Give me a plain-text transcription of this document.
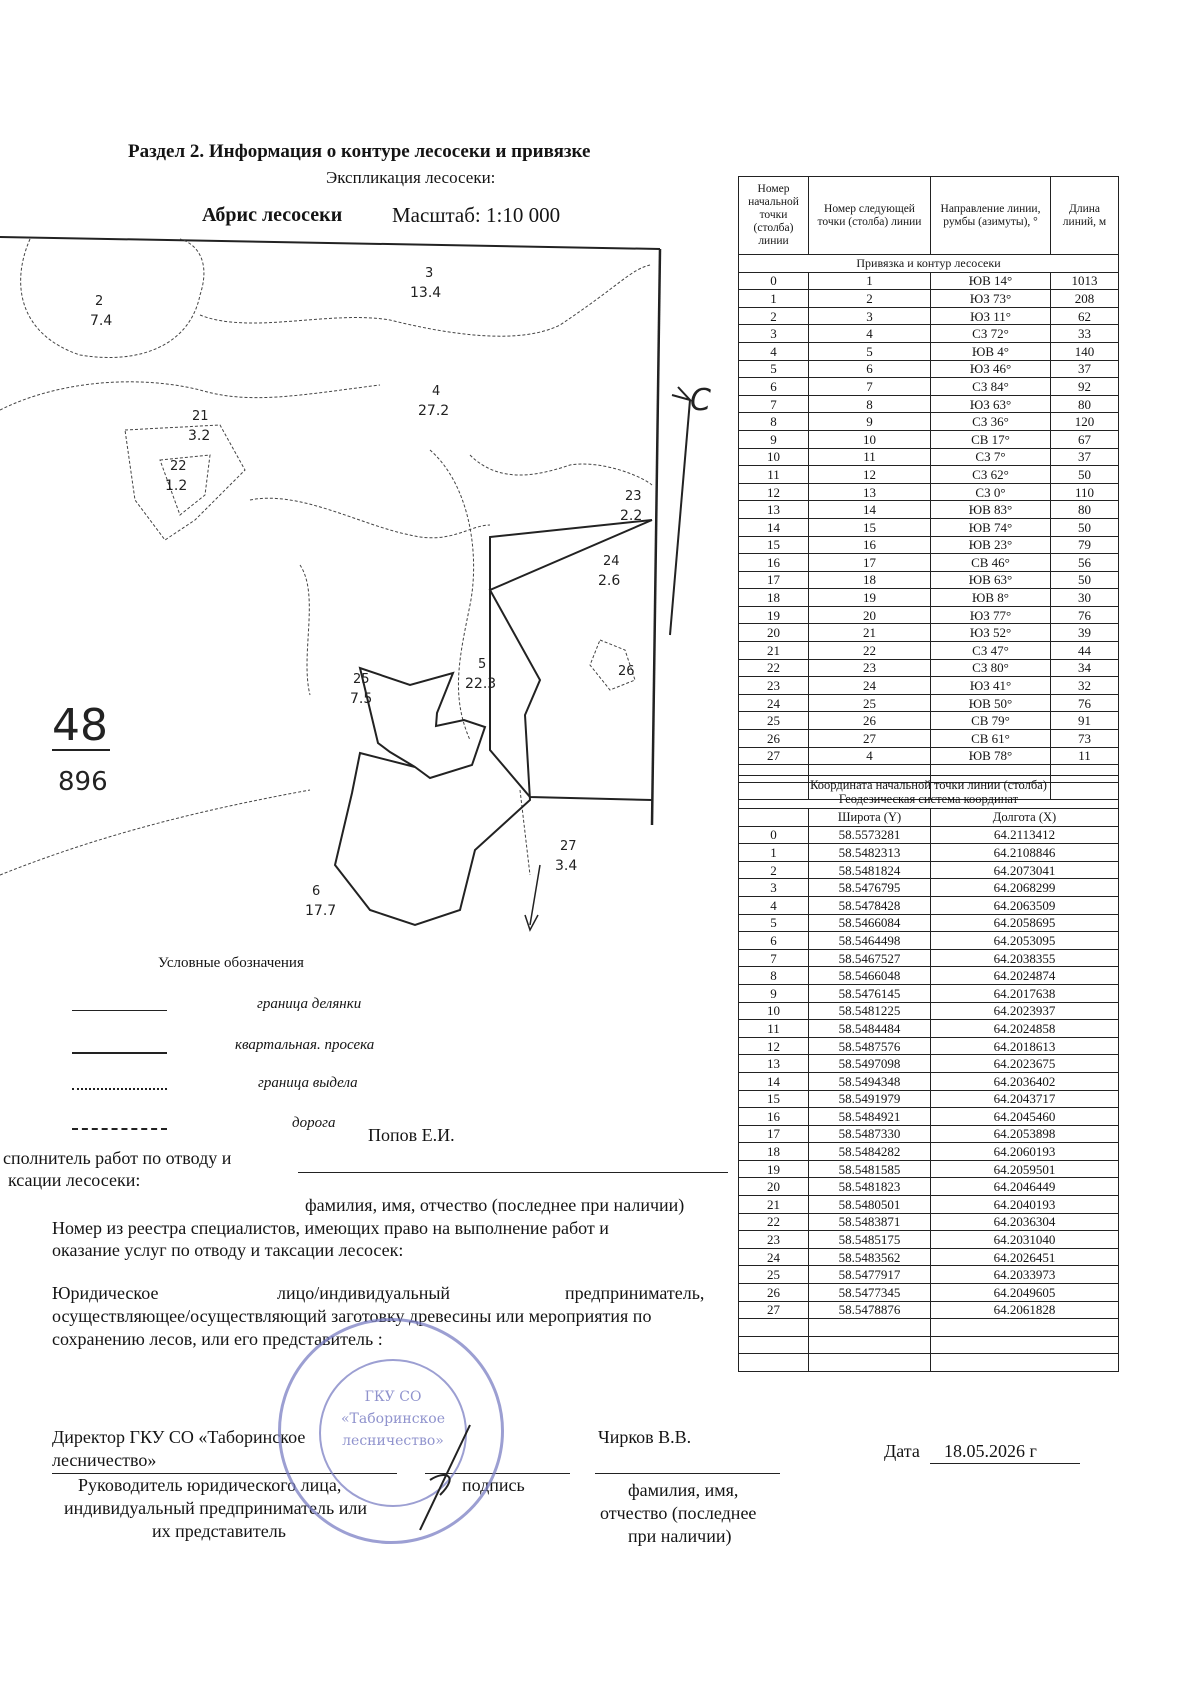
Раздел 2. Информация о контуре лесосеки и привязке
Экспликация лесосеки:
Абрис лесосеки Масштаб: 1:10 000
С
48
896
2
7.4
3
13.4
4
27.2
21
3.2
22
1.2
23
2.2
24
2.6
5
22.3
25
7.5
27
3.4
6
17.7
26
Условные обозначения
граница делянки
квартальная. просека
граница выдела
дорога
Попов Е.И.
сполнитель работ по отводу и
ксации лесосеки:
фамилия, имя, отчество (последнее при наличии)
Номер из реестра специалистов, имеющих право на выполнение работ и
оказание услуг по отводу и таксации лесосек:
Юридическое	лицо/индивидуальный	предприниматель,
осуществляющее/осуществляющий заготовку древесины или мероприятия по
сохранению лесов, или его представитель :
Директор ГКУ СО «Таборинское
лесничество»
Чирков В.В.
Дата 18.05.2026 г
Руководитель юридического лица,
индивидуальный предприниматель или
их представитель
подпись	фамилия, имя,
отчество (последнее
при наличии)
ГКУ СО
«Таборинское
лесничество»
Номер начальной точки (столба) линии	Номер следующей точки (столба) линии	Направление линии, румбы (азимуты), °	Длина линий, м
Привязка и контур лесосеки			
0	1	ЮВ 14°	1013
1	2	ЮЗ 73°	208
2	3	ЮЗ 11°	62
3	4	СЗ 72°	33
4	5	ЮВ 4°	140
5	6	ЮЗ 46°	37
6	7	СЗ 84°	92
7	8	ЮЗ 63°	80
8	9	СЗ 36°	120
9	10	СВ 17°	67
10	11	СЗ 7°	37
11	12	СЗ 62°	50
12	13	СЗ 0°	110
13	14	ЮВ 83°	80
14	15	ЮВ 74°	50
15	16	ЮВ 23°	79
16	17	СВ 46°	56
17	18	ЮВ 63°	50
18	19	ЮВ 8°	30
19	20	ЮЗ 77°	76
20	21	ЮЗ 52°	39
21	22	СЗ 47°	44
22	23	СЗ 80°	34
23	24	ЮЗ 41°	32
24	25	ЮВ 50°	76
25	26	СВ 79°	91
26	27	СВ 61°	73
27	4	ЮВ 78°	11

Координата начальной точки линии (столба)
Геодезическая система координат		

	Широта (Y)	Долгота (X)
0	58.5573281	64.2113412
1	58.5482313	64.2108846
2	58.5481824	64.2073041
3	58.5476795	64.2068299
4	58.5478428	64.2063509
5	58.5466084	64.2058695
6	58.5464498	64.2053095
7	58.5467527	64.2038355
8	58.5466048	64.2024874
9	58.5476145	64.2017638
10	58.5481225	64.2023937
11	58.5484484	64.2024858
12	58.5487576	64.2018613
13	58.5497098	64.2023675
14	58.5494348	64.2036402
15	58.5491979	64.2043717
16	58.5484921	64.2045460
17	58.5487330	64.2053898
18	58.5484282	64.2060193
19	58.5481585	64.2059501
20	58.5481823	64.2046449
21	58.5480501	64.2040193
22	58.5483871	64.2036304
23	58.5485175	64.2031040
24	58.5483562	64.2026451
25	58.5477917	64.2033973
26	58.5477345	64.2049605
27	58.5478876	64.2061828
